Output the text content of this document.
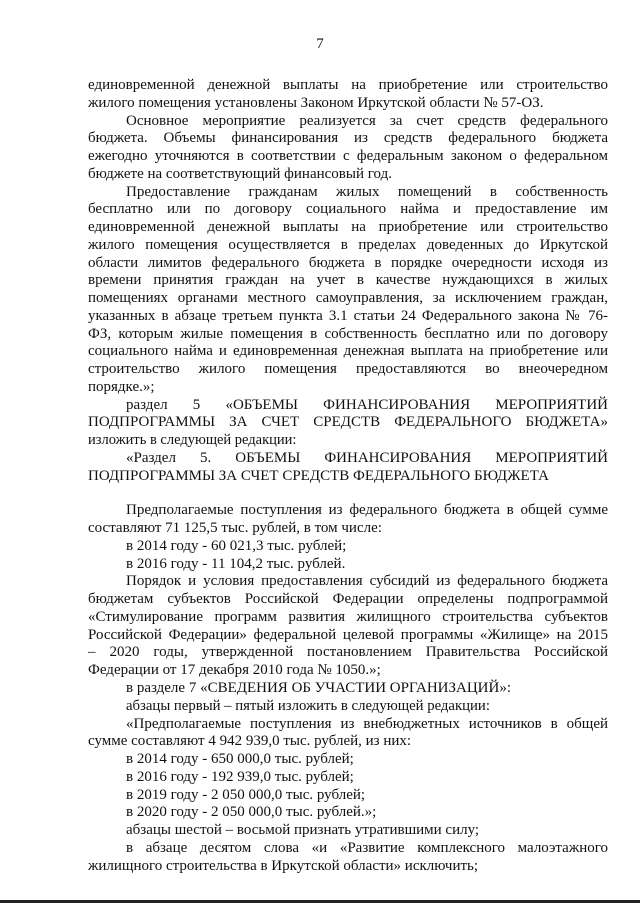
7
единовременной денежной выплаты на приобретение или строительство
жилого помещения установлены Законом Иркутской области № 57-ОЗ.
Основное мероприятие реализуется за счет средств федерального
бюджета. Объемы финансирования из средств федерального бюджета
ежегодно уточняются в соответствии с федеральным законом о федеральном
бюджете на соответствующий финансовый год.
Предоставление гражданам жилых помещений в собственность
бесплатно или по договору социального найма и предоставление им
единовременной денежной выплаты на приобретение или строительство
жилого помещения осуществляется в пределах доведенных до Иркутской
области лимитов федерального бюджета в порядке очередности исходя из
времени принятия граждан на учет в качестве нуждающихся в жилых
помещениях органами местного самоуправления, за исключением граждан,
указанных в абзаце третьем пункта 3.1 статьи 24 Федерального закона № 76-
ФЗ, которым жилые помещения в собственность бесплатно или по договору
социального найма и единовременная денежная выплата на приобретение или
строительство жилого помещения предоставляются во внеочередном
порядке.»;
раздел 5 «ОБЪЕМЫ ФИНАНСИРОВАНИЯ МЕРОПРИЯТИЙ
ПОДПРОГРАММЫ ЗА СЧЕТ СРЕДСТВ ФЕДЕРАЛЬНОГО БЮДЖЕТА»
изложить в следующей редакции:
«Раздел 5. ОБЪЕМЫ ФИНАНСИРОВАНИЯ МЕРОПРИЯТИЙ
ПОДПРОГРАММЫ ЗА СЧЕТ СРЕДСТВ ФЕДЕРАЛЬНОГО БЮДЖЕТА
Предполагаемые поступления из федерального бюджета в общей сумме
составляют 71 125,5 тыс. рублей, в том числе:
в 2014 году - 60 021,3 тыс. рублей;
в 2016 году - 11 104,2 тыс. рублей.
Порядок и условия предоставления субсидий из федерального бюджета
бюджетам субъектов Российской Федерации определены подпрограммой
«Стимулирование программ развития жилищного строительства субъектов
Российской Федерации» федеральной целевой программы «Жилище» на 2015
– 2020 годы, утвержденной постановлением Правительства Российской
Федерации от 17 декабря 2010 года № 1050.»;
в разделе 7 «СВЕДЕНИЯ ОБ УЧАСТИИ ОРГАНИЗАЦИЙ»:
абзацы первый – пятый изложить в следующей редакции:
«Предполагаемые поступления из внебюджетных источников в общей
сумме составляют 4 942 939,0 тыс. рублей, из них:
в 2014 году - 650 000,0 тыс. рублей;
в 2016 году - 192 939,0 тыс. рублей;
в 2019 году - 2 050 000,0 тыс. рублей;
в 2020 году - 2 050 000,0 тыс. рублей.»;
абзацы шестой – восьмой признать утратившими силу;
в абзаце десятом слова «и «Развитие комплексного малоэтажного
жилищного строительства в Иркутской области» исключить;
